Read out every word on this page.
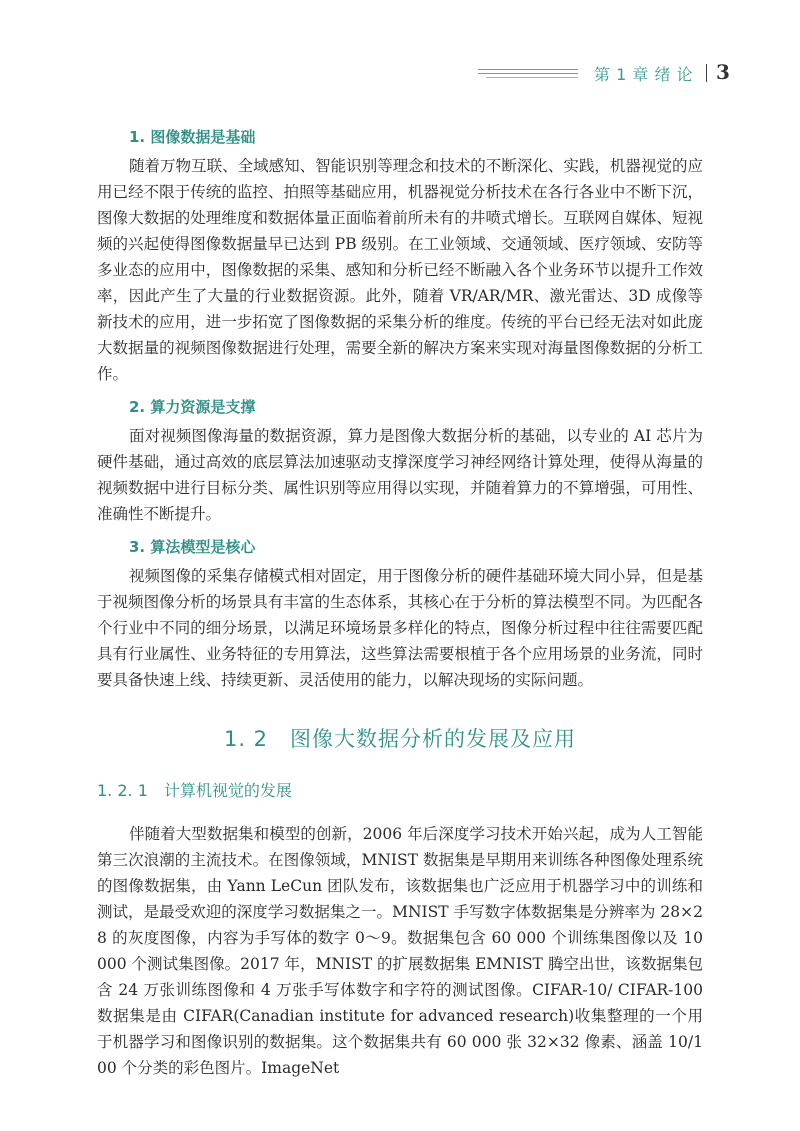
第 1 章 绪 论 3
1. 图像数据是基础

随着万物互联、全域感知、智能识别等理念和技术的不断深化、实践，机器视觉的应用已经不限于传统的监控、拍照等基础应用，机器视觉分析技术在各行各业中不断下沉，图像大数据的处理维度和数据体量正面临着前所未有的井喷式增长。互联网自媒体、短视频的兴起使得图像数据量早已达到 PB 级别。在工业领域、交通领域、医疗领域、安防等多业态的应用中，图像数据的采集、感知和分析已经不断融入各个业务环节以提升工作效率，因此产生了大量的行业数据资源。此外，随着 VR/AR/MR、激光雷达、3D 成像等新技术的应用，进一步拓宽了图像数据的采集分析的维度。传统的平台已经无法对如此庞大数据量的视频图像数据进行处理，需要全新的解决方案来实现对海量图像数据的分析工作。

2. 算力资源是支撑

面对视频图像海量的数据资源，算力是图像大数据分析的基础，以专业的 AI 芯片为硬件基础，通过高效的底层算法加速驱动支撑深度学习神经网络计算处理，使得从海量的视频数据中进行目标分类、属性识别等应用得以实现，并随着算力的不算增强，可用性、准确性不断提升。

3. 算法模型是核心

视频图像的采集存储模式相对固定，用于图像分析的硬件基础环境大同小异，但是基于视频图像分析的场景具有丰富的生态体系，其核心在于分析的算法模型不同。为匹配各个行业中不同的细分场景，以满足环境场景多样化的特点，图像分析过程中往往需要匹配具有行业属性、业务特征的专用算法，这些算法需要根植于各个应用场景的业务流，同时要具备快速上线、持续更新、灵活使用的能力，以解决现场的实际问题。

1. 2 图像大数据分析的发展及应用
1. 2. 1 计算机视觉的发展

伴随着大型数据集和模型的创新，2006 年后深度学习技术开始兴起，成为人工智能第三次浪潮的主流技术。在图像领域，MNIST 数据集是早期用来训练各种图像处理系统的图像数据集，由 Yann LeCun 团队发布，该数据集也广泛应用于机器学习中的训练和测试，是最受欢迎的深度学习数据集之一。MNIST 手写数字体数据集是分辨率为 28×28 的灰度图像，内容为手写体的数字 0～9。数据集包含 60 000 个训练集图像以及 10 000 个测试集图像。2017 年，MNIST 的扩展数据集 EMNIST 腾空出世，该数据集包含 24 万张训练图像和 4 万张手写体数字和字符的测试图像。CIFAR-10/ CIFAR-100 数据集是由 CIFAR(Canadian institute for advanced research)收集整理的一个用于机器学习和图像识别的数据集。这个数据集共有 60 000 张 32×32 像素、涵盖 10/100 个分类的彩色图片。ImageNet
